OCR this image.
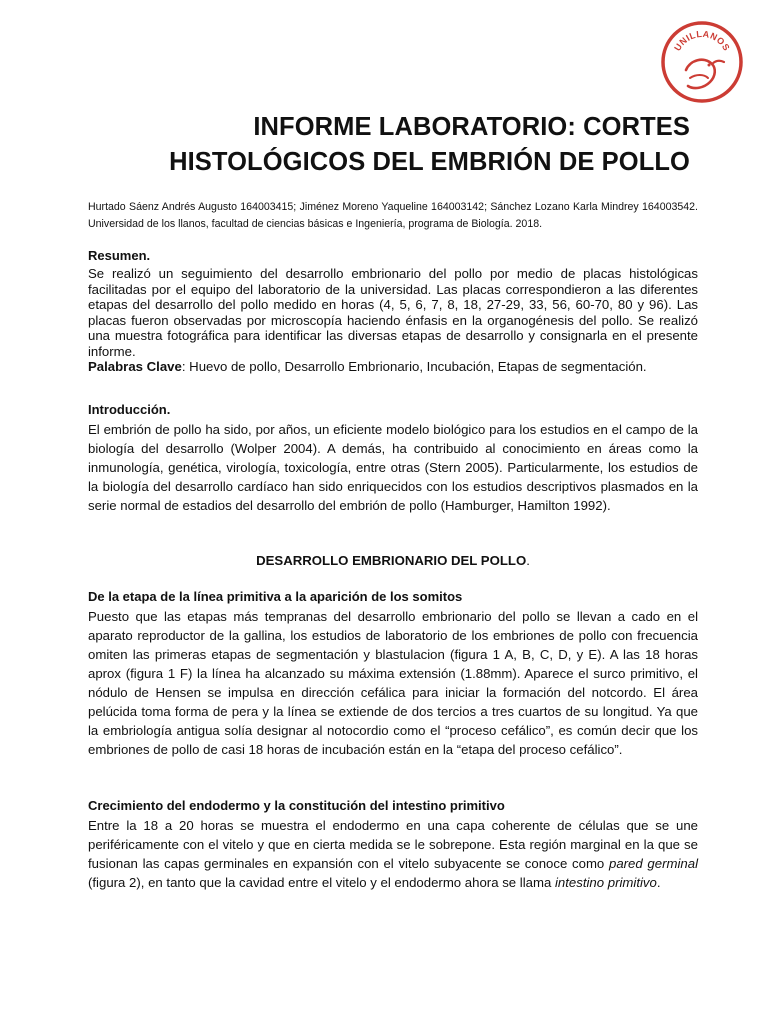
UNILLANOS
INFORME LABORATORIO: CORTES
HISTOLÓGICOS DEL EMBRIÓN DE POLLO

Hurtado Sáenz Andrés Augusto 164003415; Jiménez Moreno Yaqueline 164003142; Sánchez Lozano Karla Mindrey 164003542. Universidad de los llanos, facultad de ciencias básicas e Ingeniería, programa de Biología. 2018.

Resumen.

Se realizó un seguimiento del desarrollo embrionario del pollo por medio de placas histológicas facilitadas por el equipo del laboratorio de la universidad. Las placas correspondieron a las diferentes etapas del desarrollo del pollo medido en horas (4, 5, 6, 7, 8, 18, 27-29, 33, 56, 60-70, 80 y 96). Las placas fueron observadas por microscopía haciendo énfasis en la organogénesis del pollo. Se realizó una muestra fotográfica para identificar las diversas etapas de desarrollo y consignarla en el presente informe.

Palabras Clave: Huevo de pollo, Desarrollo Embrionario, Incubación, Etapas de segmentación.

Introducción.

El embrión de pollo ha sido, por años, un eficiente modelo biológico para los estudios en el campo de la biología del desarrollo (Wolper 2004). A demás, ha contribuido al conocimiento en áreas como la inmunología, genética, virología, toxicología, entre otras (Stern 2005). Particularmente, los estudios de la biología del desarrollo cardíaco han sido enriquecidos con los estudios descriptivos plasmados en la serie normal de estadios del desarrollo del embrión de pollo (Hamburger, Hamilton 1992).

DESARROLLO EMBRIONARIO DEL POLLO.

De la etapa de la línea primitiva a la aparición de los somitos

Puesto que las etapas más tempranas del desarrollo embrionario del pollo se llevan a cado en el aparato reproductor de la gallina, los estudios de laboratorio de los embriones de pollo con frecuencia omiten las primeras etapas de segmentación y blastulacion (figura 1 A, B, C, D, y E). A las 18 horas aprox (figura 1 F) la línea ha alcanzado su máxima extensión (1.88mm). Aparece el surco primitivo, el nódulo de Hensen se impulsa en dirección cefálica para iniciar la formación del notcordo. El área pelúcida toma forma de pera y la línea se extiende de dos tercios a tres cuartos de su longitud. Ya que la embriología antigua solía designar al notocordio como el “proceso cefálico”, es común decir que los embriones de pollo de casi 18 horas de incubación están en la “etapa del proceso cefálico”.

Crecimiento del endodermo y la constitución del intestino primitivo

Entre la 18 a 20 horas se muestra el endodermo en una capa coherente de células que se une periféricamente con el vitelo y que en cierta medida se le sobrepone. Esta región marginal en la que se fusionan las capas germinales en expansión con el vitelo subyacente se conoce como pared germinal (figura 2), en tanto que la cavidad entre el vitelo y el endodermo ahora se llama intestino primitivo.
